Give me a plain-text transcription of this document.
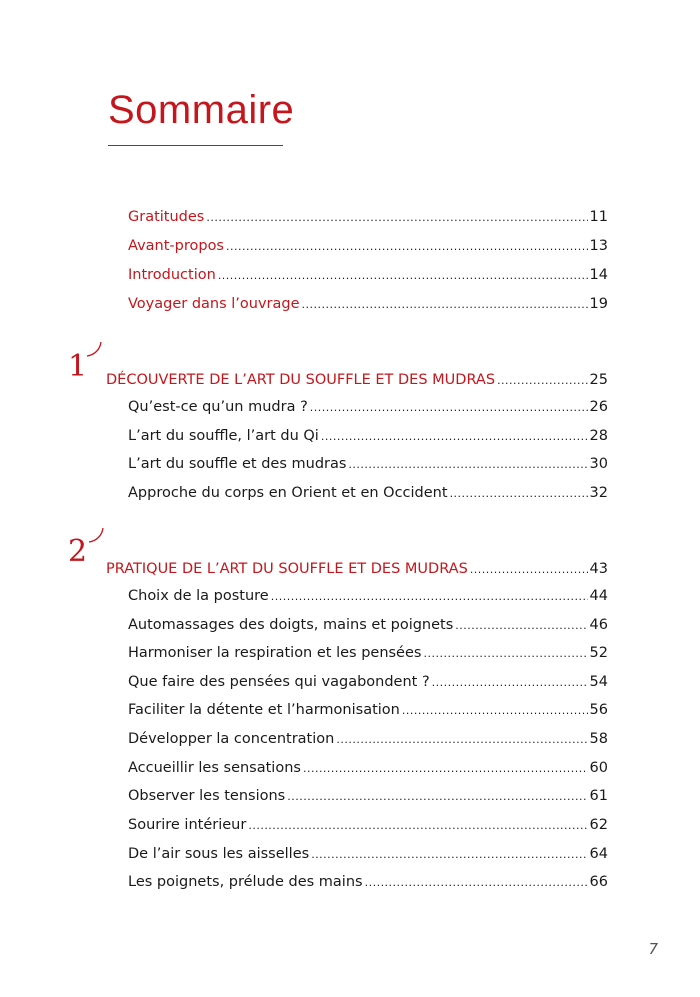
Sommaire
Gratitudes .....	11
Avant-propos .....	13
Introduction .....	14
Voyager dans l’ouvrage .....	19
1 DÉCOUVERTE DE L’ART DU SOUFFLE ET DES MUDRAS .....	25
Qu’est-ce qu’un mudra ? .....	26
L’art du souffle, l’art du Qi .....	28
L’art du souffle et des mudras .....	30
Approche du corps en Orient et en Occident .....	32
2 PRATIQUE DE L’ART DU SOUFFLE ET DES MUDRAS .....	43
Choix de la posture .....	44
Automassages des doigts, mains et poignets .....	46
Harmoniser la respiration et les pensées .....	52
Que faire des pensées qui vagabondent ? .....	54
Faciliter la détente et l’harmonisation .....	56
Développer la concentration .....	58
Accueillir les sensations .....	60
Observer les tensions .....	61
Sourire intérieur .....	62
De l’air sous les aisselles .....	64
Les poignets, prélude des mains .....	66
7
